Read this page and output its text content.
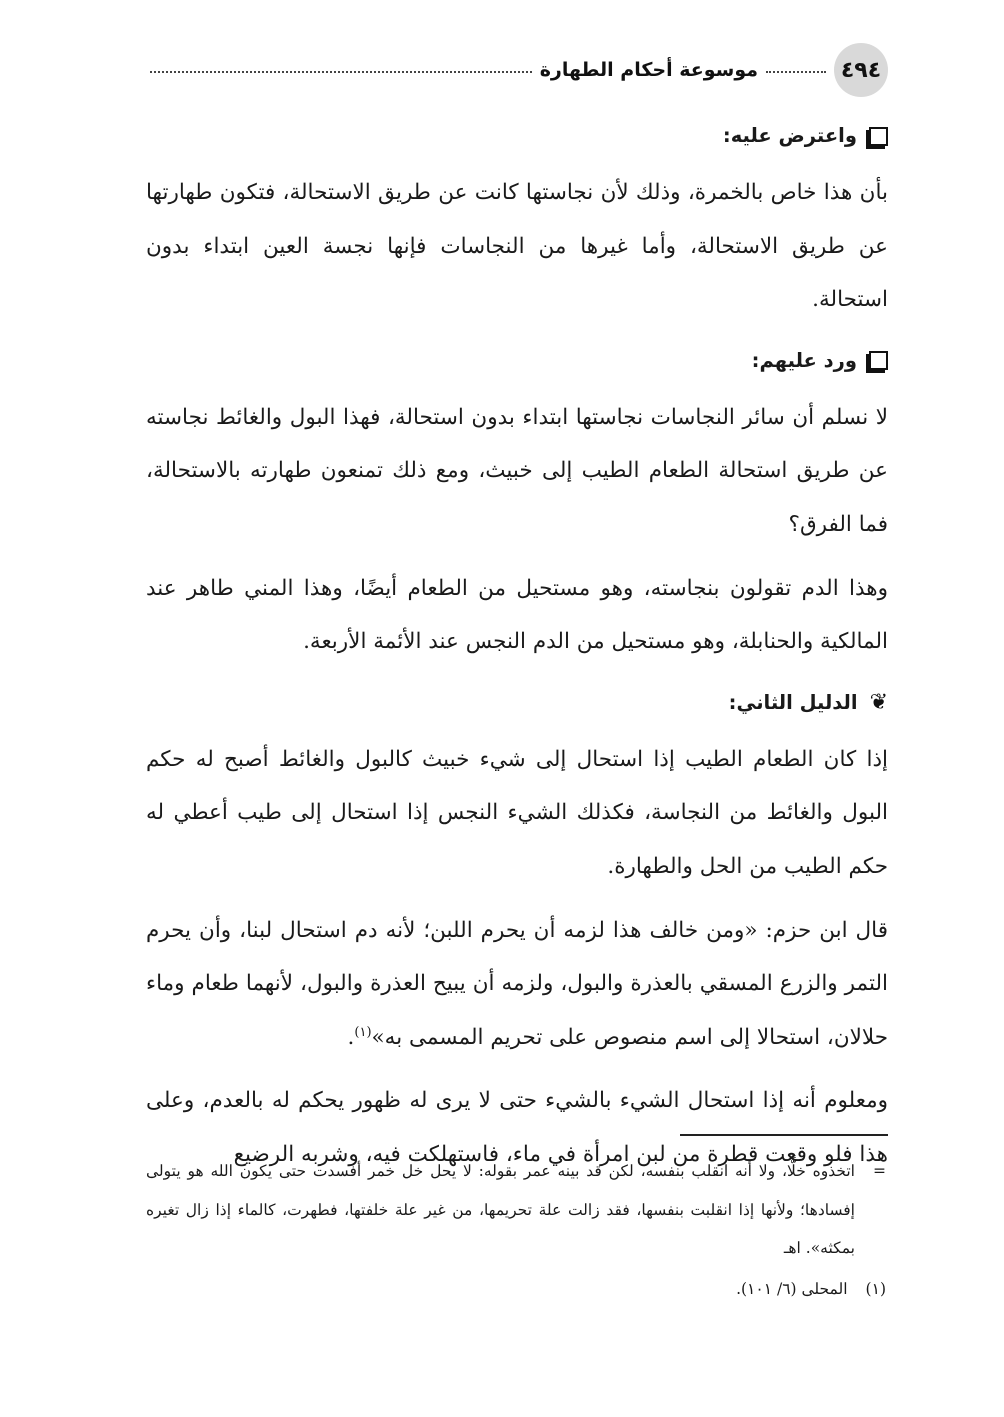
٤٩٤
موسوعة أحكام الطهارة
واعترض عليه:

بأن هذا خاص بالخمرة، وذلك لأن نجاستها كانت عن طريق الاستحالة، فتكون طهارتها عن طريق الاستحالة، وأما غيرها من النجاسات فإنها نجسة العين ابتداء بدون استحالة.

ورد عليهم:

لا نسلم أن سائر النجاسات نجاستها ابتداء بدون استحالة، فهذا البول والغائط نجاسته عن طريق استحالة الطعام الطيب إلى خبيث، ومع ذلك تمنعون طهارته بالاستحالة، فما الفرق؟

وهذا الدم تقولون بنجاسته، وهو مستحيل من الطعام أيضًا، وهذا المني طاهر عند المالكية والحنابلة، وهو مستحيل من الدم النجس عند الأئمة الأربعة.

❦
الدليل الثاني:

إذا كان الطعام الطيب إذا استحال إلى شيء خبيث كالبول والغائط أصبح له حكم البول والغائط من النجاسة، فكذلك الشيء النجس إذا استحال إلى طيب أعطي له حكم الطيب من الحل والطهارة.

قال ابن حزم: «ومن خالف هذا لزمه أن يحرم اللبن؛ لأنه دم استحال لبنا، وأن يحرم التمر والزرع المسقي بالعذرة والبول، ولزمه أن يبيح العذرة والبول، لأنهما طعام وماء حلالان، استحالا إلى اسم منصوص على تحريم المسمى به»$^{(١)}$.

ومعلوم أنه إذا استحال الشيء بالشيء حتى لا يرى له ظهور يحكم له بالعدم، وعلى هذا فلو وقعت قطرة من لبن امرأة في ماء، فاستهلكت فيه، وشربه الرضيع

=
اتخذوه خلًّا، ولا أنه انقلب بنفسه، لكن قد بينه عمر بقوله: لا يحل خل خمر أفسدت حتى يكون الله هو يتولى إفسادها؛ ولأنها إذا انقلبت بنفسها، فقد زالت علة تحريمها، من غير علة خلفتها، فطهرت، كالماء إذا زال تغيره بمكثه». اهـ
(١)
المحلى (٦/ ١٠١).
